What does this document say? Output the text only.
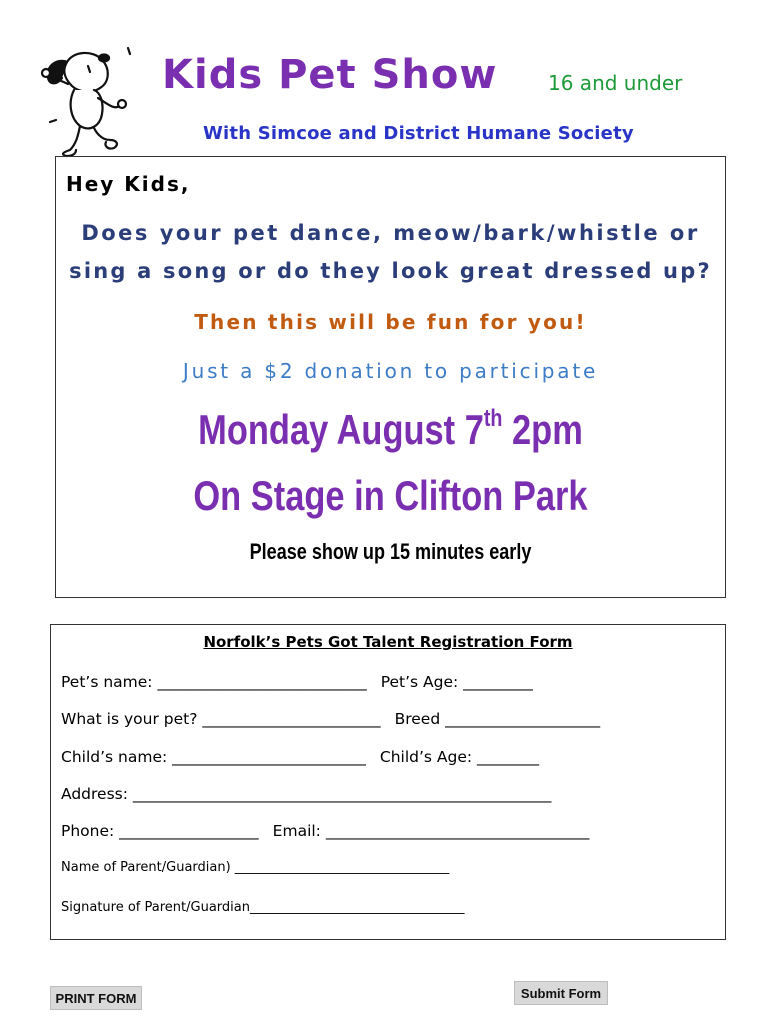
Kids Pet Show	16 and under
With Simcoe and District Humane Society
Hey Kids,
Does your pet dance, meow/bark/whistle or
sing a song or do they look great dressed up?
Then this will be fun for you!
Just a $2 donation to participate
Monday August 7th 2pm
On Stage in Clifton Park
Please show up 15 minutes early
Norfolk’s Pets Got Talent Registration Form
Pet’s name: ___________________________ Pet’s Age: _________
What is your pet? _______________________ Breed ____________________
Child’s name: _________________________ Child’s Age: ________
Address: ______________________________________________________
Phone: __________________ Email: __________________________________
Name of Parent/Guardian) _________________________________
Signature of Parent/Guardian_________________________________
PRINT FORM	Submit Form
